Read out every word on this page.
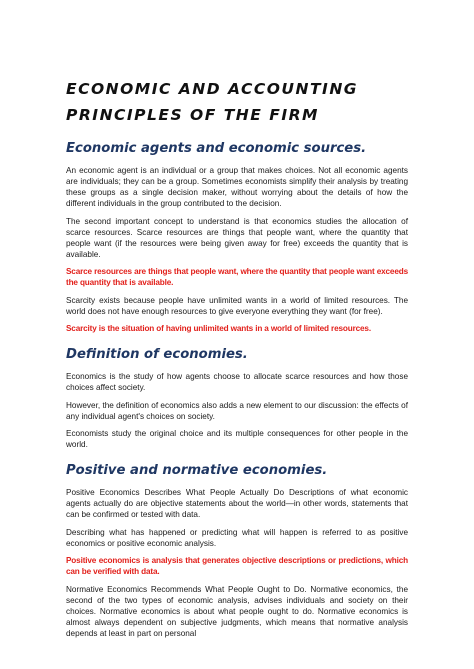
ECONOMIC AND ACCOUNTING PRINCIPLES OF THE FIRM
Economic agents and economic sources.

An economic agent is an individual or a group that makes choices. Not all economic agents are individuals; they can be a group. Sometimes economists simplify their analysis by treating these groups as a single decision maker, without worrying about the details of how the different individuals in the group contributed to the decision.

The second important concept to understand is that economics studies the allocation of scarce resources. Scarce resources are things that people want, where the quantity that people want (if the resources were being given away for free) exceeds the quantity that is available.

Scarce resources are things that people want, where the quantity that people want exceeds the quantity that is available.

Scarcity exists because people have unlimited wants in a world of limited resources. The world does not have enough resources to give everyone everything they want (for free).

Scarcity is the situation of having unlimited wants in a world of limited resources.

Definition of economies.

Economics is the study of how agents choose to allocate scarce resources and how those choices affect society.

However, the definition of economics also adds a new element to our discussion: the effects of any individual agent's choices on society.

Economists study the original choice and its multiple consequences for other people in the world.

Positive and normative economies.

Positive Economics Describes What People Actually Do Descriptions of what economic agents actually do are objective statements about the world—in other words, statements that can be confirmed or tested with data.

Describing what has happened or predicting what will happen is referred to as positive economics or positive economic analysis.

Positive economics is analysis that generates objective descriptions or predictions, which can be verified with data.

Normative Economics Recommends What People Ought to Do. Normative economics, the second of the two types of economic analysis, advises individuals and society on their choices. Normative economics is about what people ought to do. Normative economics is almost always dependent on subjective judgments, which means that normative analysis depends at least in part on personal
